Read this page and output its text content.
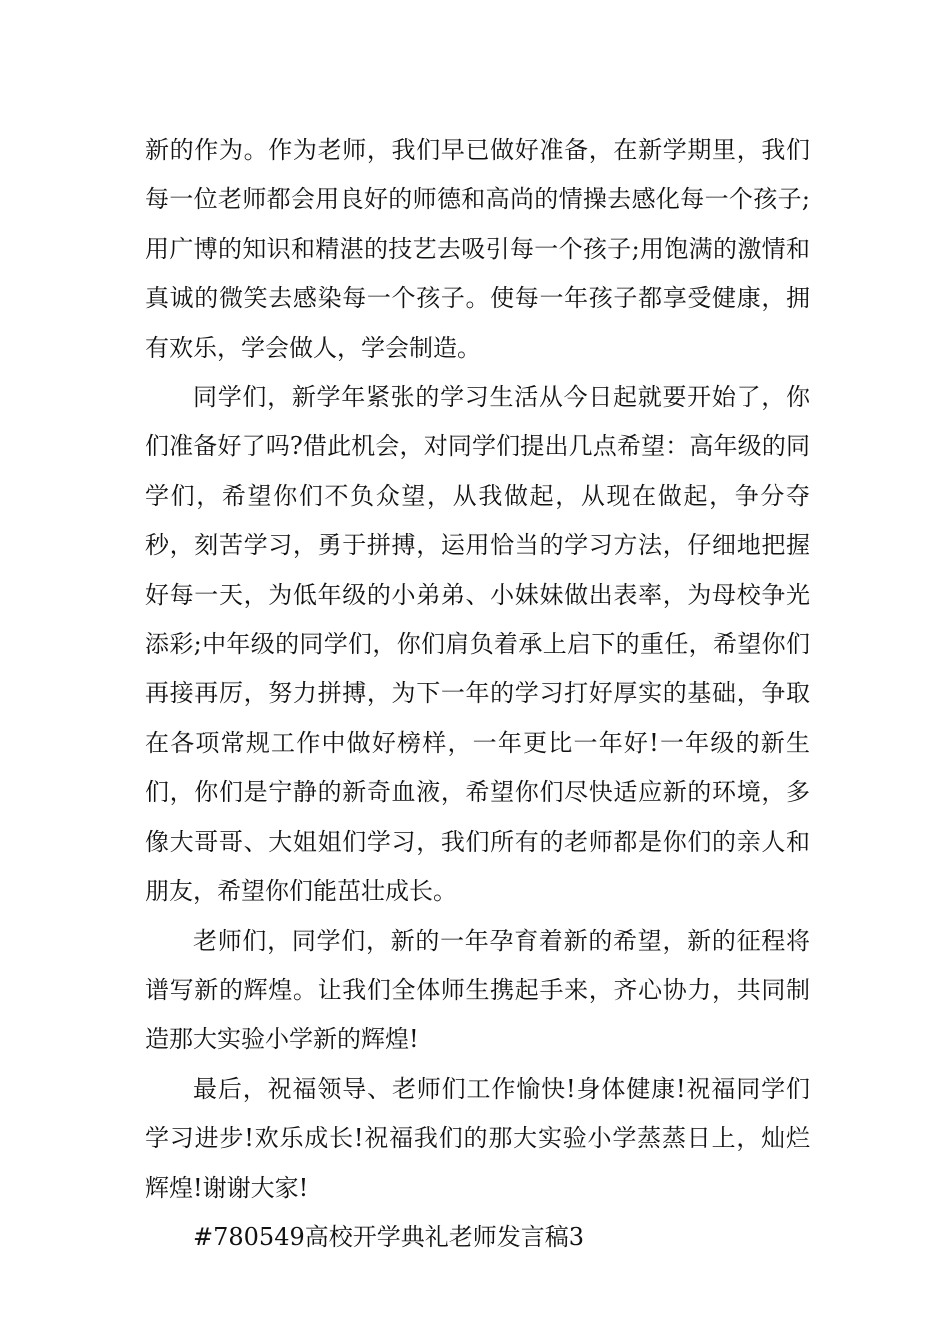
新的作为。作为老师，我们早已做好准备，在新学期里，我们每一位老师都会用良好的师德和高尚的情操去感化每一个孩子;用广博的知识和精湛的技艺去吸引每一个孩子;用饱满的激情和真诚的微笑去感染每一个孩子。使每一年孩子都享受健康，拥有欢乐，学会做人，学会制造。

同学们，新学年紧张的学习生活从今日起就要开始了，你们准备好了吗?借此机会，对同学们提出几点希望：高年级的同学们，希望你们不负众望，从我做起，从现在做起，争分夺秒，刻苦学习，勇于拼搏，运用恰当的学习方法，仔细地把握好每一天，为低年级的小弟弟、小妹妹做出表率，为母校争光添彩;中年级的同学们，你们肩负着承上启下的重任，希望你们再接再厉，努力拼搏，为下一年的学习打好厚实的基础，争取在各项常规工作中做好榜样，一年更比一年好!一年级的新生们，你们是宁静的新奇血液，希望你们尽快适应新的环境，多像大哥哥、大姐姐们学习，我们所有的老师都是你们的亲人和朋友，希望你们能茁壮成长。

老师们，同学们，新的一年孕育着新的希望，新的征程将谱写新的辉煌。让我们全体师生携起手来，齐心协力，共同制造那大实验小学新的辉煌!

最后，祝福领导、老师们工作愉快!身体健康!祝福同学们学习进步!欢乐成长!祝福我们的那大实验小学蒸蒸日上，灿烂辉煌!谢谢大家!

#780549高校开学典礼老师发言稿3
